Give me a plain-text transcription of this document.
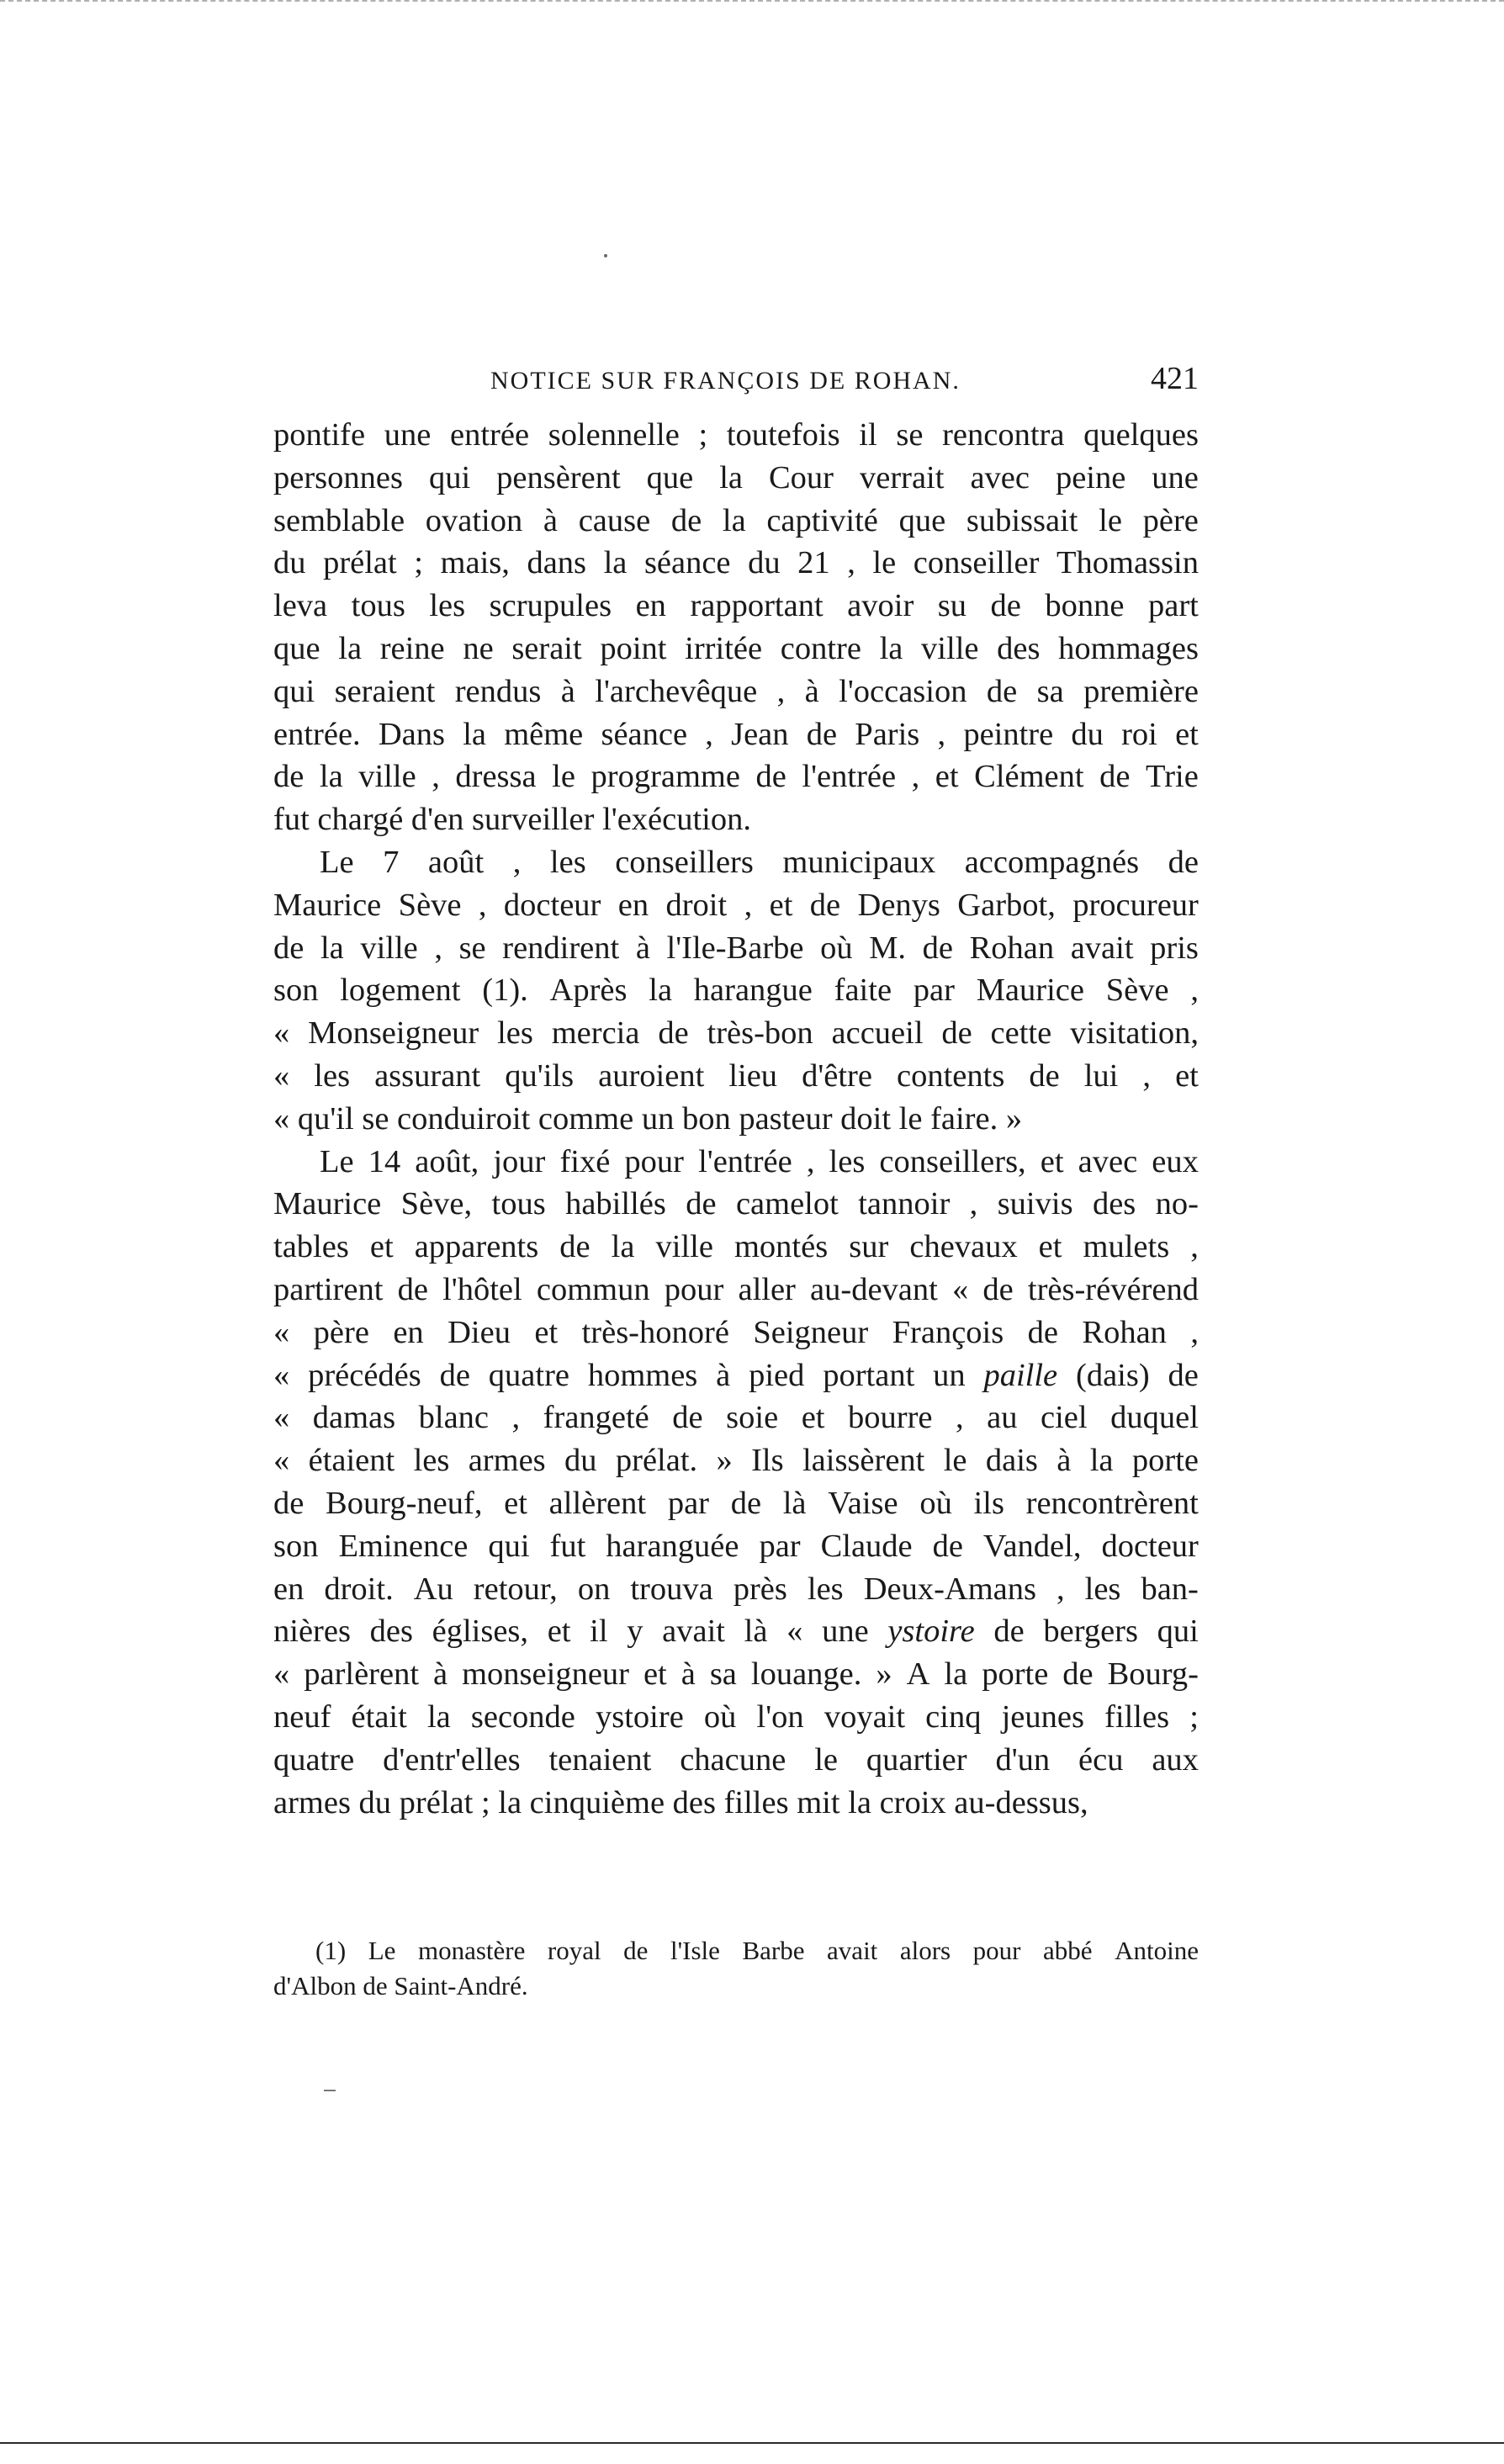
NOTICE SUR FRANÇOIS DE ROHAN.	421
pontife une entrée solennelle ; toutefois il se rencontra quelques
personnes qui pensèrent que la Cour verrait avec peine une
semblable ovation à cause de la captivité que subissait le père
du prélat ; mais, dans la séance du 21 , le conseiller Thomassin
leva tous les scrupules en rapportant avoir su de bonne part
que la reine ne serait point irritée contre la ville des hommages
qui seraient rendus à l'archevêque , à l'occasion de sa première
entrée. Dans la même séance , Jean de Paris , peintre du roi et
de la ville , dressa le programme de l'entrée , et Clément de Trie
fut chargé d'en surveiller l'exécution.
Le 7 août , les conseillers municipaux accompagnés de
Maurice Sève , docteur en droit , et de Denys Garbot, procureur
de la ville , se rendirent à l'Ile-Barbe où M. de Rohan avait pris
son logement (1). Après la harangue faite par Maurice Sève ,
« Monseigneur les mercia de très-bon accueil de cette visitation,
« les assurant qu'ils auroient lieu d'être contents de lui , et
« qu'il se conduiroit comme un bon pasteur doit le faire. »
Le 14 août, jour fixé pour l'entrée , les conseillers, et avec eux
Maurice Sève, tous habillés de camelot tannoir , suivis des no-
tables et apparents de la ville montés sur chevaux et mulets ,
partirent de l'hôtel commun pour aller au-devant « de très-révérend
« père en Dieu et très-honoré Seigneur François de Rohan ,
« précédés de quatre hommes à pied portant un paille (dais) de
« damas blanc , frangeté de soie et bourre , au ciel duquel
« étaient les armes du prélat. » Ils laissèrent le dais à la porte
de Bourg-neuf, et allèrent par de là Vaise où ils rencontrèrent
son Eminence qui fut haranguée par Claude de Vandel, docteur
en droit. Au retour, on trouva près les Deux-Amans , les ban-
nières des églises, et il y avait là « une ystoire de bergers qui
« parlèrent à monseigneur et à sa louange. » A la porte de Bourg-
neuf était la seconde ystoire où l'on voyait cinq jeunes filles ;
quatre d'entr'elles tenaient chacune le quartier d'un écu aux
armes du prélat ; la cinquième des filles mit la croix au-dessus,
(1) Le monastère royal de l'Isle Barbe avait alors pour abbé Antoine
d'Albon de Saint-André.
